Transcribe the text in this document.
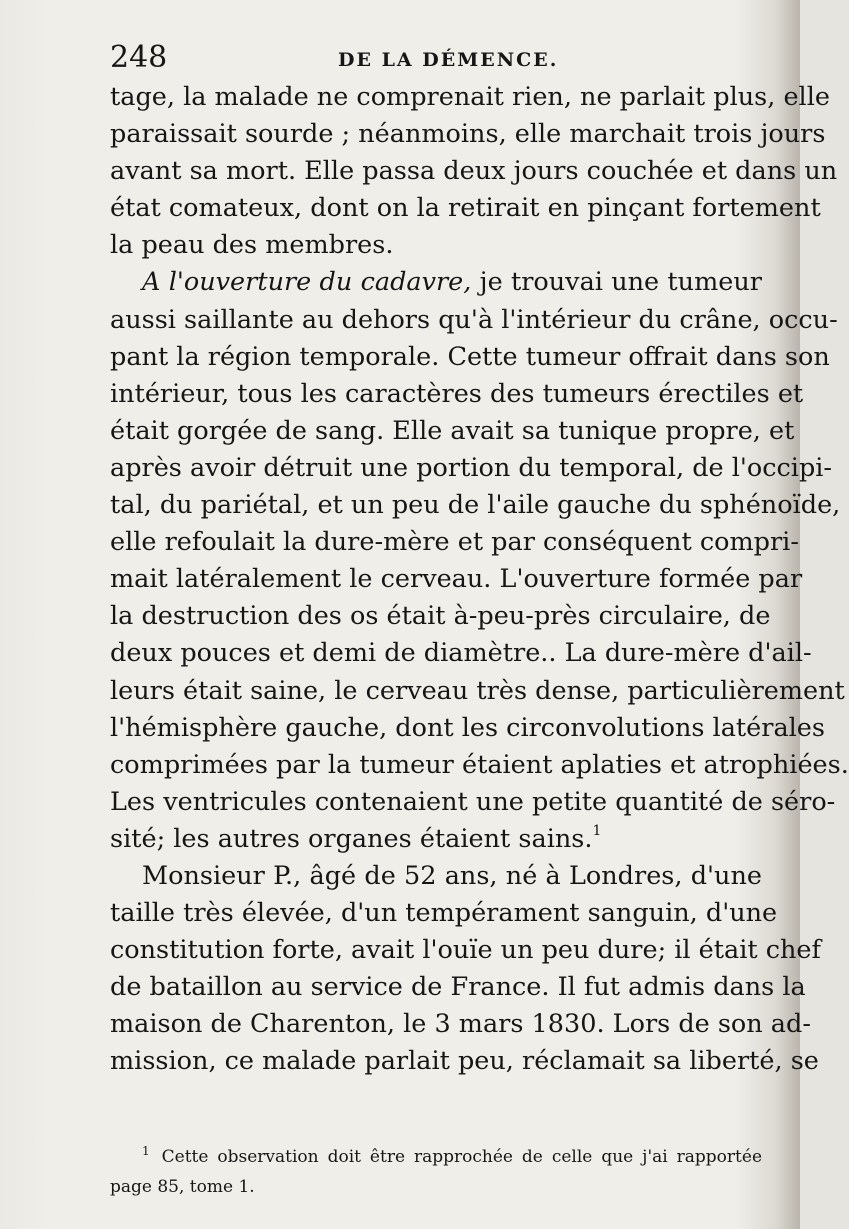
248	DE LA DÉMENCE.
tage, la malade ne comprenait rien, ne parlait plus, elle
paraissait sourde ; néanmoins, elle marchait trois jours
avant sa mort. Elle passa deux jours couchée et dans un
état comateux, dont on la retirait en pinçant fortement
la peau des membres.
A l'ouverture du cadavre, je trouvai une tumeur
aussi saillante au dehors qu'à l'intérieur du crâne, occu-
pant la région temporale. Cette tumeur offrait dans son
intérieur, tous les caractères des tumeurs érectiles et
était gorgée de sang. Elle avait sa tunique propre, et
après avoir détruit une portion du temporal, de l'occipi-
tal, du pariétal, et un peu de l'aile gauche du sphénoïde,
elle refoulait la dure-mère et par conséquent compri-
mait latéralement le cerveau. L'ouverture formée par
la destruction des os était à-peu-près circulaire, de
deux pouces et demi de diamètre.. La dure-mère d'ail-
leurs était saine, le cerveau très dense, particulièrement
l'hémisphère gauche, dont les circonvolutions latérales
comprimées par la tumeur étaient aplaties et atrophiées.
Les ventricules contenaient une petite quantité de séro-
sité; les autres organes étaient sains.$^1$
Monsieur P., âgé de 52 ans, né à Londres, d'une
taille très élevée, d'un tempérament sanguin, d'une
constitution forte, avait l'ouïe un peu dure; il était chef
de bataillon au service de France. Il fut admis dans la
maison de Charenton, le 3 mars 1830. Lors de son ad-
mission, ce malade parlait peu, réclamait sa liberté, se
$^1$ Cette observation doit être rapprochée de celle que j'ai rapportée
page 85, tome 1.
